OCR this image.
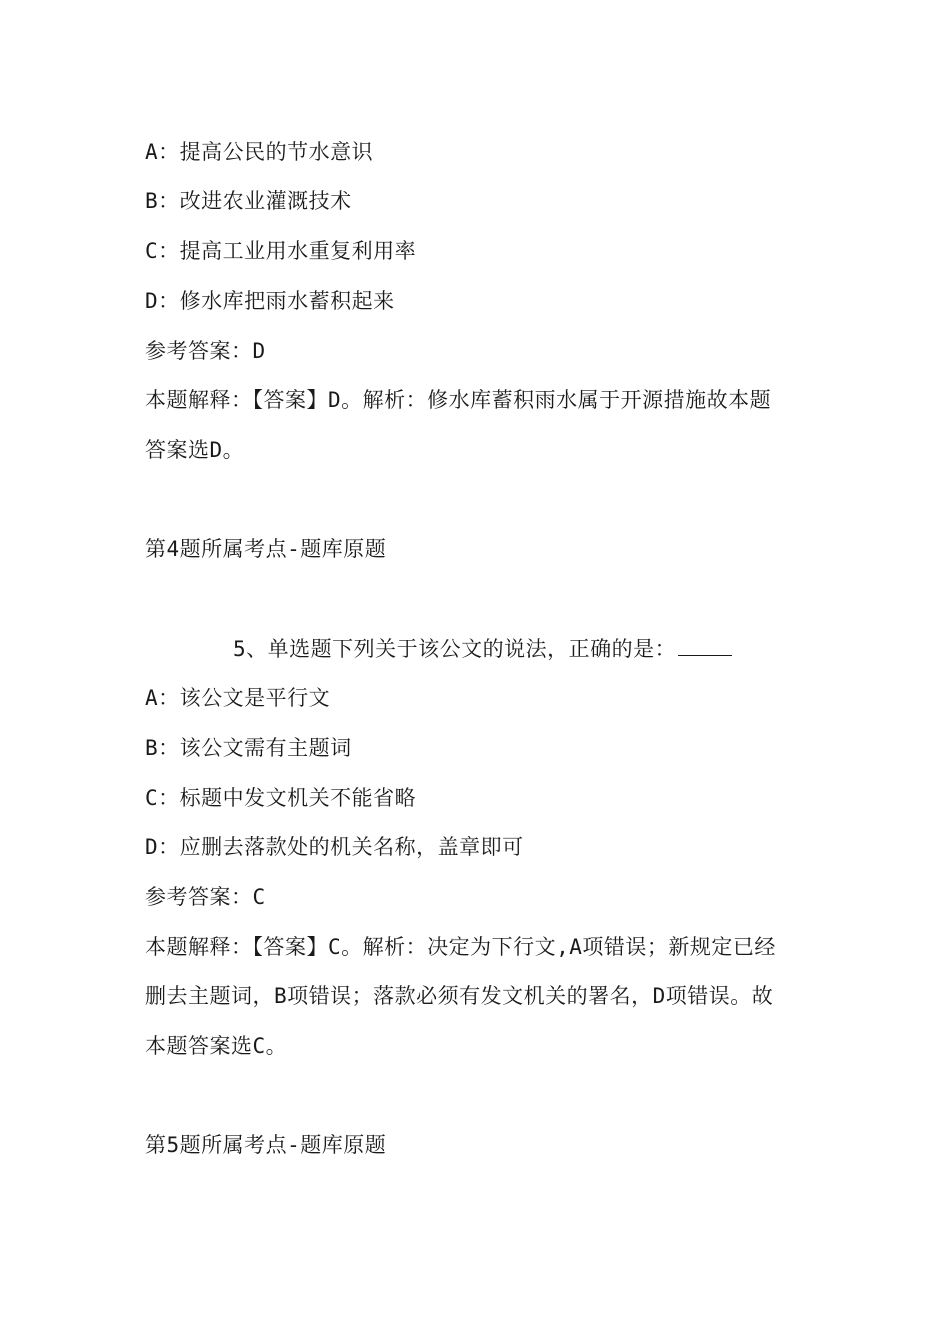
A：提高公民的节水意识
B：改进农业灌溉技术
C：提高工业用水重复利用率
D：修水库把雨水蓄积起来
参考答案：D
本题解释：【答案】D。解析：修水库蓄积雨水属于开源措施故本题
答案选D。
第4题所属考点-题库原题
5、单选题下列关于该公文的说法，正确的是：
A：该公文是平行文
B：该公文需有主题词
C：标题中发文机关不能省略
D：应删去落款处的机关名称，盖章即可
参考答案：C
本题解释：【答案】C。解析：决定为下行文,A项错误；新规定已经
删去主题词，B项错误；落款必须有发文机关的署名，D项错误。故
本题答案选C。
第5题所属考点-题库原题
